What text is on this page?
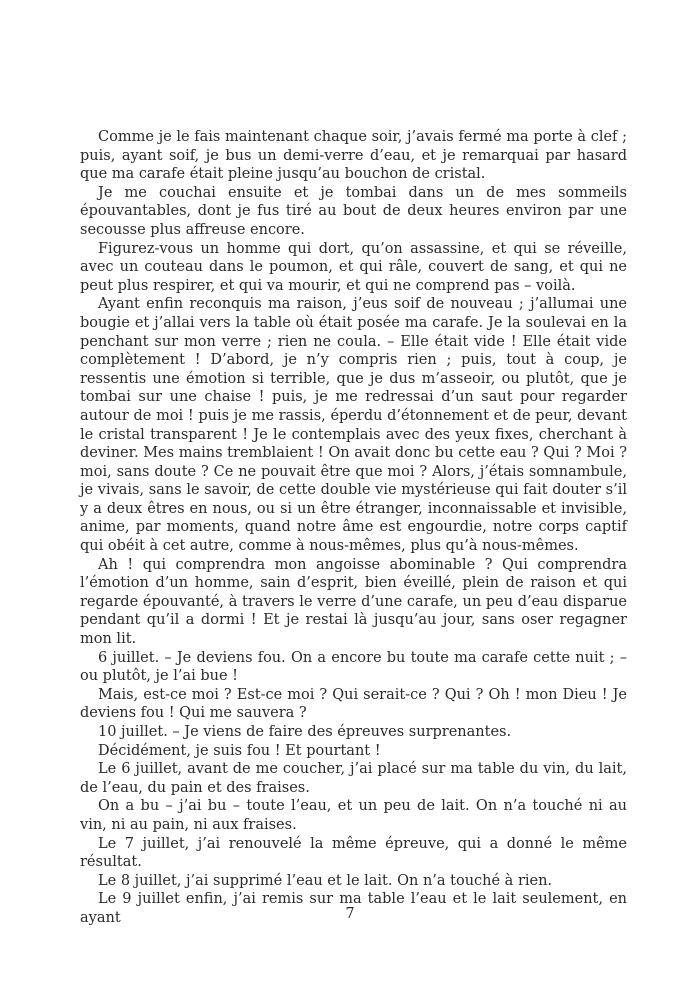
Comme je le fais maintenant chaque soir, j’avais fermé ma porte à clef ; puis, ayant soif, je bus un demi-verre d’eau, et je remarquai par hasard que ma carafe était pleine jusqu’au bouchon de cristal.

Je me couchai ensuite et je tombai dans un de mes sommeils épouvantables, dont je fus tiré au bout de deux heures environ par une secousse plus affreuse encore.

Figurez-vous un homme qui dort, qu’on assassine, et qui se réveille, avec un couteau dans le poumon, et qui râle, couvert de sang, et qui ne peut plus respirer, et qui va mourir, et qui ne comprend pas – voilà.

Ayant enfin reconquis ma raison, j’eus soif de nouveau ; j’allumai une bougie et j’allai vers la table où était posée ma carafe. Je la soulevai en la penchant sur mon verre ; rien ne coula. – Elle était vide ! Elle était vide complètement ! D’abord, je n’y compris rien ; puis, tout à coup, je ressentis une émotion si terrible, que je dus m’asseoir, ou plutôt, que je tombai sur une chaise ! puis, je me redressai d’un saut pour regarder autour de moi ! puis je me rassis, éperdu d’étonnement et de peur, devant le cristal transparent ! Je le contemplais avec des yeux fixes, cherchant à deviner. Mes mains tremblaient ! On avait donc bu cette eau ? Qui ? Moi ? moi, sans doute ? Ce ne pouvait être que moi ? Alors, j’étais somnambule, je vivais, sans le savoir, de cette double vie mystérieuse qui fait douter s’il y a deux êtres en nous, ou si un être étranger, inconnaissable et invisible, anime, par moments, quand notre âme est engourdie, notre corps captif qui obéit à cet autre, comme à nous-mêmes, plus qu’à nous-mêmes.

Ah ! qui comprendra mon angoisse abominable ? Qui comprendra l’émotion d’un homme, sain d’esprit, bien éveillé, plein de raison et qui regarde épouvanté, à travers le verre d’une carafe, un peu d’eau disparue pendant qu’il a dormi ! Et je restai là jusqu’au jour, sans oser regagner mon lit.

6 juillet. – Je deviens fou. On a encore bu toute ma carafe cette nuit ; – ou plutôt, je l’ai bue !

Mais, est-ce moi ? Est-ce moi ? Qui serait-ce ? Qui ? Oh ! mon Dieu ! Je deviens fou ! Qui me sauvera ?

10 juillet. – Je viens de faire des épreuves surprenantes.

Décidément, je suis fou ! Et pourtant !

Le 6 juillet, avant de me coucher, j’ai placé sur ma table du vin, du lait, de l’eau, du pain et des fraises.

On a bu – j’ai bu – toute l’eau, et un peu de lait. On n’a touché ni au vin, ni au pain, ni aux fraises.

Le 7 juillet, j’ai renouvelé la même épreuve, qui a donné le même résultat.

Le 8 juillet, j’ai supprimé l’eau et le lait. On n’a touché à rien.

Le 9 juillet enfin, j’ai remis sur ma table l’eau et le lait seulement, en ayant	7
